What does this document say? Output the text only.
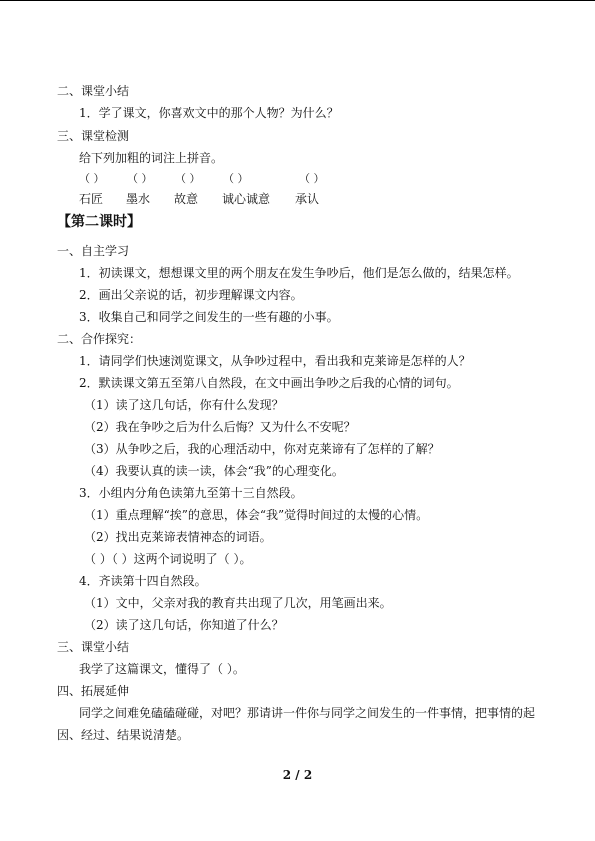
二、课堂小结
1．学了课文，你喜欢文中的那个人物？为什么？
三、课堂检测
给下列加粗的词注上拼音。
（ ） （ ） （ ） （ ）	（ ）
石匠 墨水 故意 诚心诚意 承认
【第二课时】
一、自主学习
1．初读课文，想想课文里的两个朋友在发生争吵后，他们是怎么做的，结果怎样。
2．画出父亲说的话，初步理解课文内容。
3．收集自己和同学之间发生的一些有趣的小事。
二、合作探究：
1．请同学们快速浏览课文，从争吵过程中，看出我和克莱谛是怎样的人？
2．默读课文第五至第八自然段，在文中画出争吵之后我的心情的词句。
（1）读了这几句话，你有什么发现？
（2）我在争吵之后为什么后悔？又为什么不安呢？
（3）从争吵之后，我的心理活动中，你对克莱谛有了怎样的了解？
（4）我要认真的读一读，体会“我”的心理变化。
3．小组内分角色读第九至第十三自然段。
（1）重点理解“挨”的意思，体会“我”觉得时间过的太慢的心情。
（2）找出克莱谛表情神态的词语。
（ ）（ ）这两个词说明了（ ）。
4．齐读第十四自然段。
（1）文中，父亲对我的教育共出现了几次，用笔画出来。
（2）读了这几句话，你知道了什么？
三、课堂小结
我学了这篇课文，懂得了（ ）。
四、拓展延伸
同学之间难免磕磕碰碰，对吧？那请讲一件你与同学之间发生的一件事情，把事情的起因、经过、结果说清楚。
2 / 2
